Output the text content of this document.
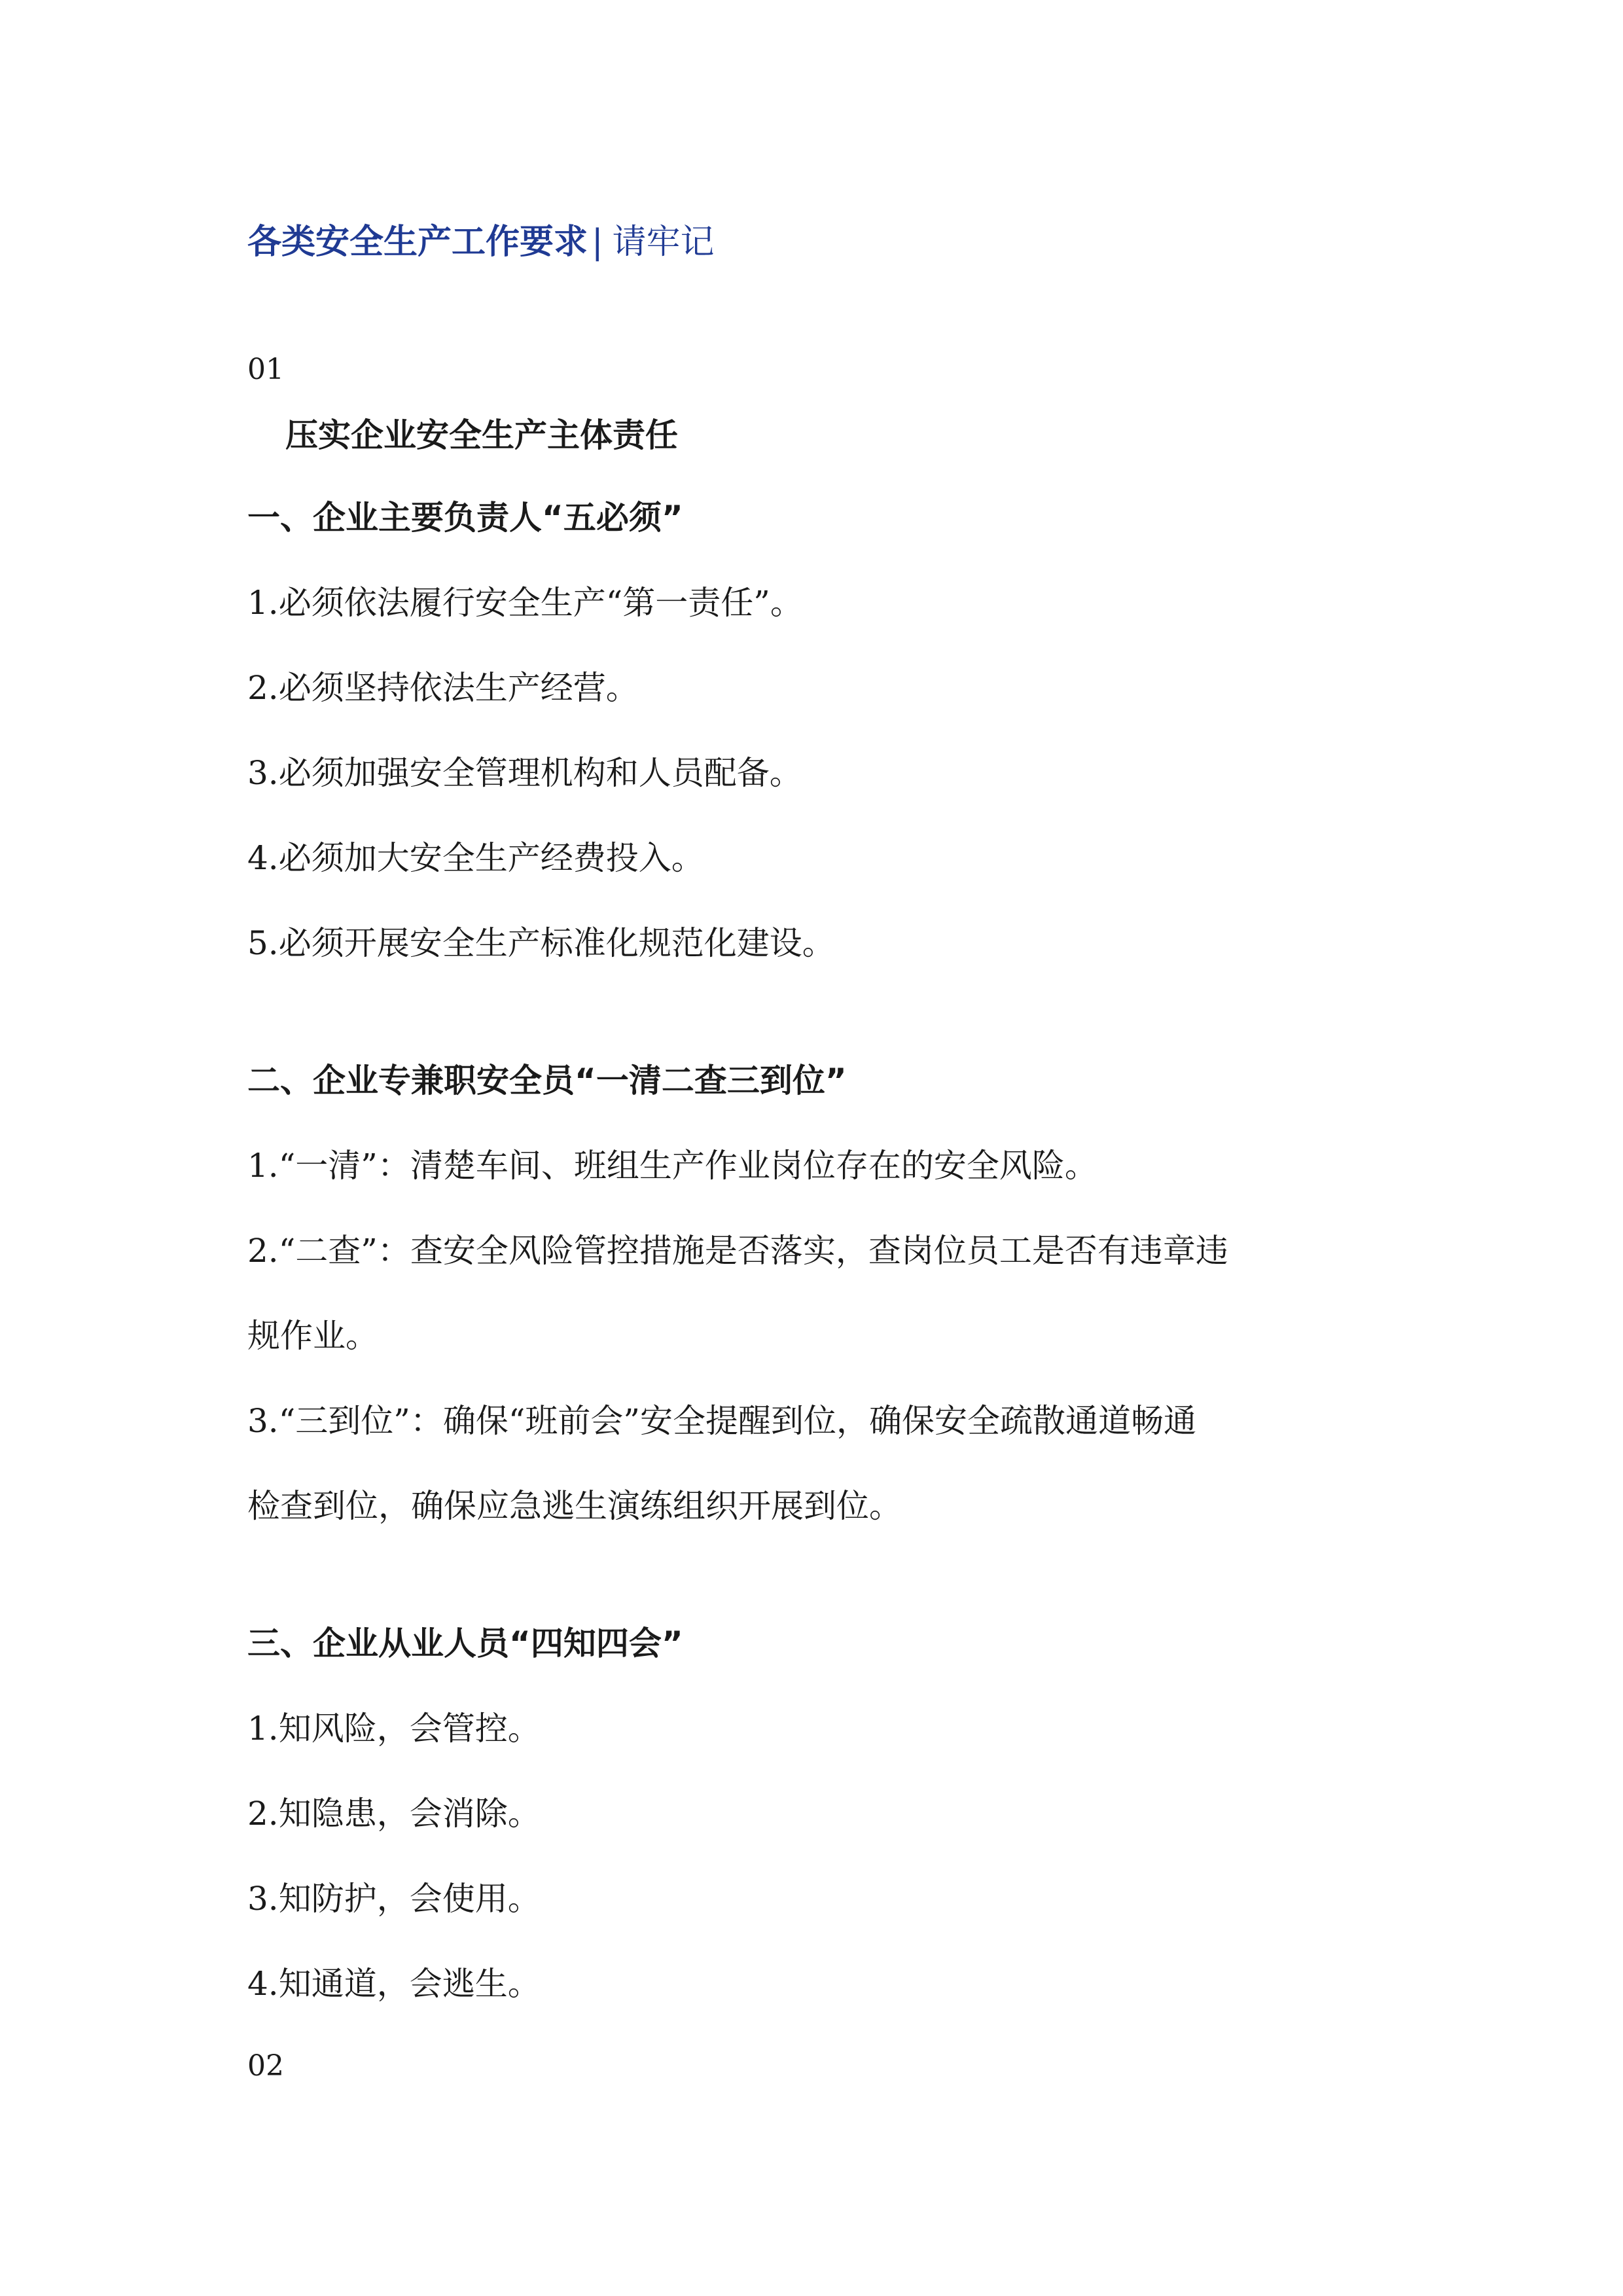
各类安全生产工作要求 | 请牢记
01
压实企业安全生产主体责任
一、企业主要负责人“五必须”
1.必须依法履行安全生产“第一责任”。
2.必须坚持依法生产经营。
3.必须加强安全管理机构和人员配备。
4.必须加大安全生产经费投入。
5.必须开展安全生产标准化规范化建设。
二、企业专兼职安全员“一清二查三到位”
1.“一清”：清楚车间、班组生产作业岗位存在的安全风险。
2.“二查”：查安全风险管控措施是否落实，查岗位员工是否有违章违
规作业。
3.“三到位”：确保“班前会”安全提醒到位，确保安全疏散通道畅通
检查到位，确保应急逃生演练组织开展到位。
三、企业从业人员“四知四会”
1.知风险，会管控。
2.知隐患，会消除。
3.知防护，会使用。
4.知通道，会逃生。
02
